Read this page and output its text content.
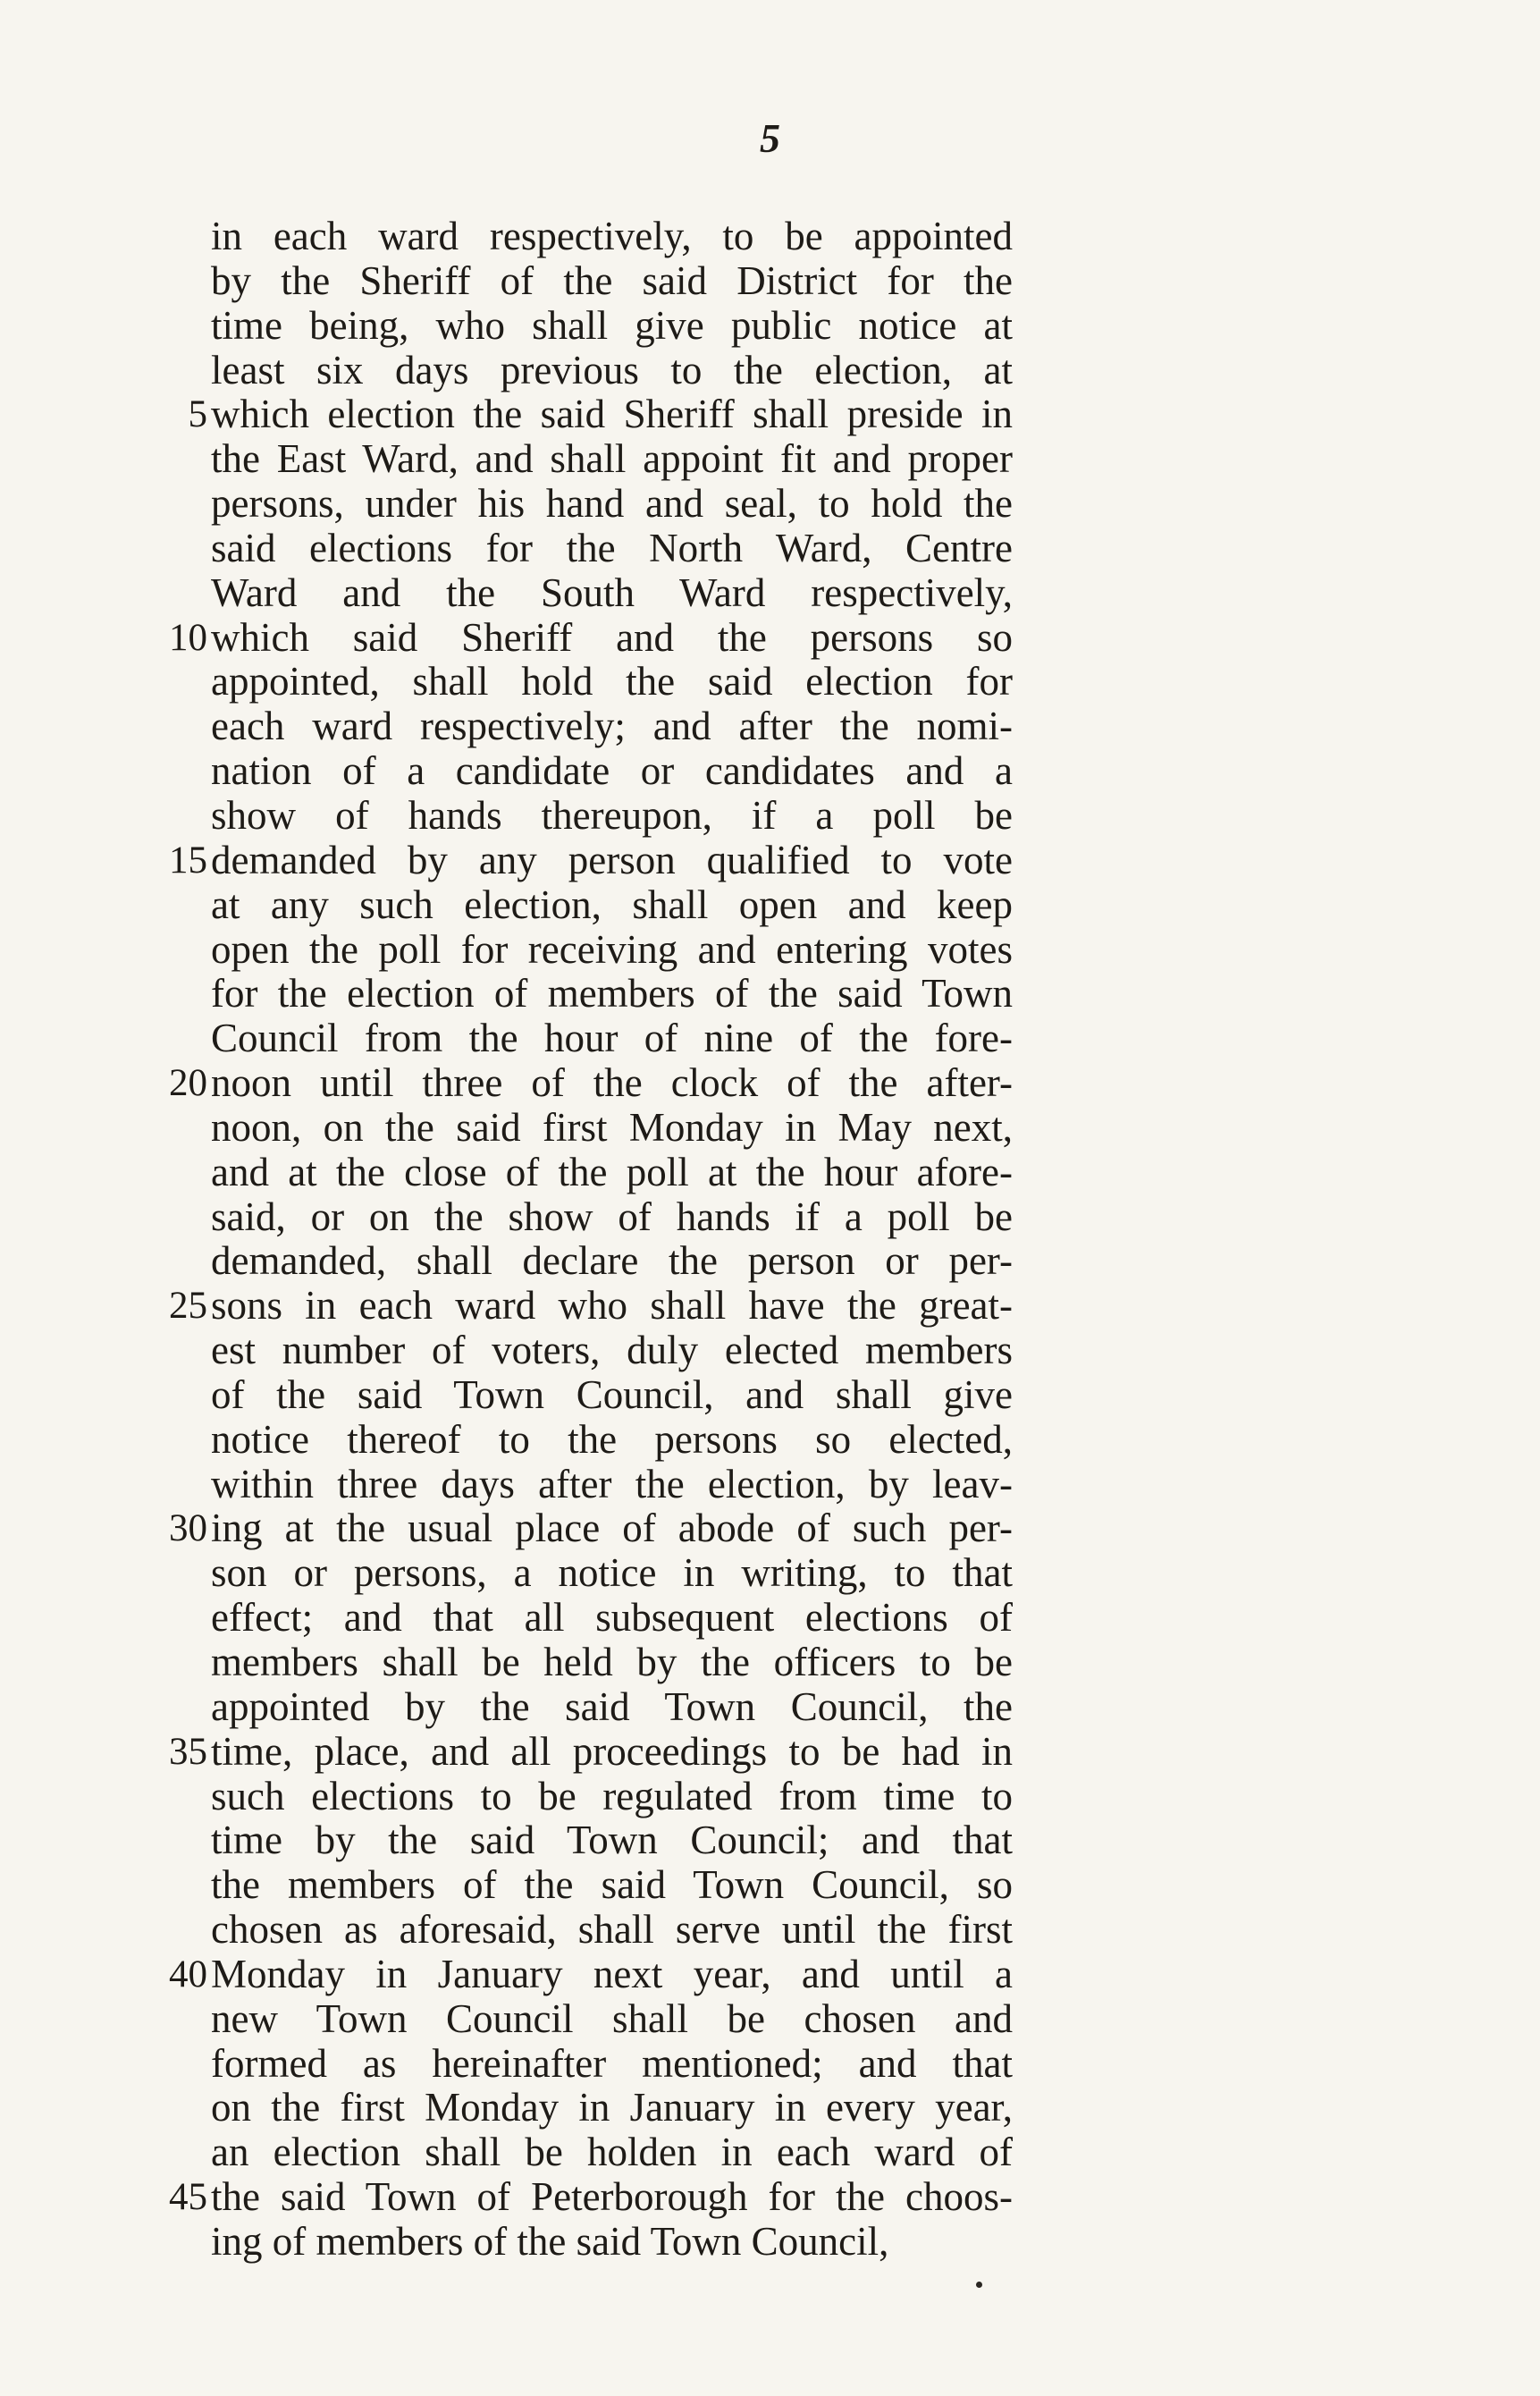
5
in each ward respectively, to be appointed
by the Sheriff of the said District for the
time being, who shall give public notice at
least six days previous to the election, at
5 which election the said Sheriff shall preside in
the East Ward, and shall appoint fit and proper
persons, under his hand and seal, to hold the
said elections for the North Ward, Centre
Ward and the South Ward respectively,
10 which said Sheriff and the persons so
appointed, shall hold the said election for
each ward respectively; and after the nomi-
nation of a candidate or candidates and a
show of hands thereupon, if a poll be
15 demanded by any person qualified to vote
at any such election, shall open and keep
open the poll for receiving and entering votes
for the election of members of the said Town
Council from the hour of nine of the fore-
20 noon until three of the clock of the after-
noon, on the said first Monday in May next,
and at the close of the poll at the hour afore-
said, or on the show of hands if a poll be
demanded, shall declare the person or per-
25 sons in each ward who shall have the great-
est number of voters, duly elected members
of the said Town Council, and shall give
notice thereof to the persons so elected,
within three days after the election, by leav-
30 ing at the usual place of abode of such per-
son or persons, a notice in writing, to that
effect; and that all subsequent elections of
members shall be held by the officers to be
appointed by the said Town Council, the
35 time, place, and all proceedings to be had in
such elections to be regulated from time to
time by the said Town Council; and that
the members of the said Town Council, so
chosen as aforesaid, shall serve until the first
40 Monday in January next year, and until a
new Town Council shall be chosen and
formed as hereinafter mentioned; and that
on the first Monday in January in every year,
an election shall be holden in each ward of
45 the said Town of Peterborough for the choos-
ing of members of the said Town Council,
